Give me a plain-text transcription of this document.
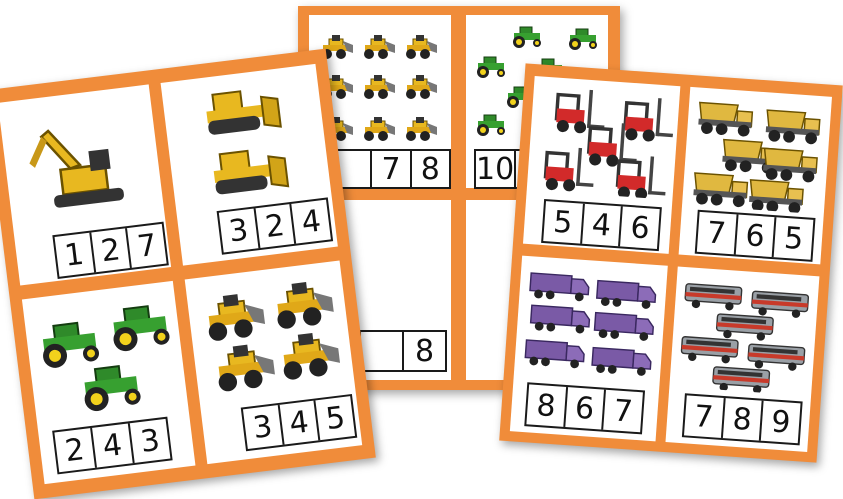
7 8	10
8
1 2 7 3 2 4
2 4 3	3 4 5
5 4 6 7 6 5
8 6 7 7 8 9
